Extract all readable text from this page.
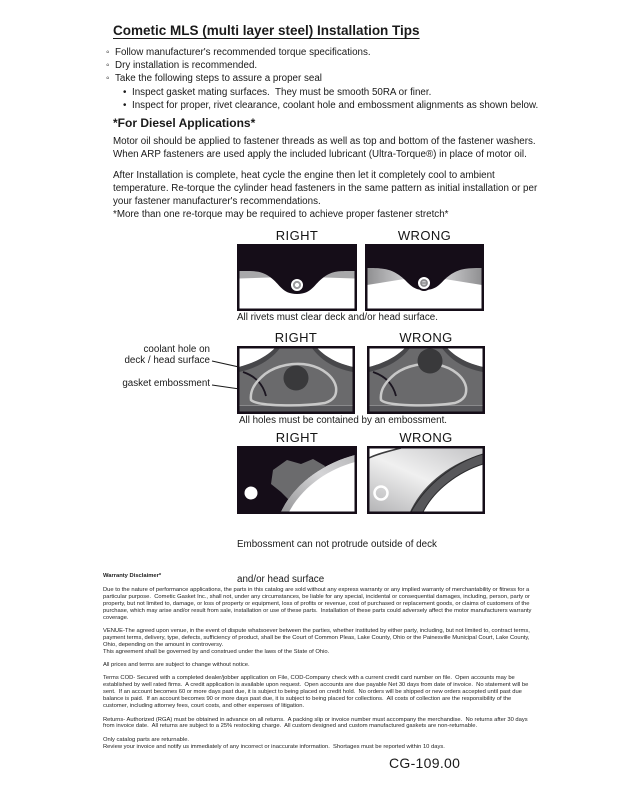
Cometic MLS (multi layer steel) Installation Tips
◦ Follow manufacturer's recommended torque specifications.
◦ Dry installation is recommended.
◦ Take the following steps to assure a proper seal
• Inspect gasket mating surfaces.  They must be smooth 50RA or finer.
• Inspect for proper, rivet clearance, coolant hole and embossment alignments as shown below.
*For Diesel Applications*

Motor oil should be applied to fastener threads as well as top and bottom of the fastener washers. When ARP fasteners are used apply the included lubricant (Ultra-Torque®) in place of motor oil.

After Installation is complete, heat cycle the engine then let it completely cool to ambient temperature. Re-torque the cylinder head fasteners in the same pattern as initial installation or per your fastener manufacturer's recommendations.

*More than one re-torque may be required to achieve proper fastener stretch*

RIGHT	WRONG
All rivets must clear deck and/or head surface.
RIGHT	WRONG
coolant hole on
deck / head surface
gasket embossment
All holes must be contained by an embossment.
RIGHT	WRONG

Embossment can not protrude outside of deck

and/or head surface

Warranty Disclaimer*

Due to the nature of performance applications, the parts in this catalog are sold without any express warranty or any implied warranty of merchantability or fitness for a particular purpose.  Cometic Gasket Inc., shall not, under any circumstances, be liable for any special, incidental or consequential damages, including, person, party or property, but not limited to, damage, or loss of property or equipment, loss of profits or revenue, cost of purchased or replacement goods, or claims of customers of the purchase, which may arise and/or result from sale, installation or use of these parts.  Installation of these parts could adversely affect the motor manufacturers warranty coverage.

VENUE-The agreed upon venue, in the event of dispute whatsoever between the parties, whether instituted by either party, including, but not limited to, contract terms, payment terms, delivery, type, defects, sufficiency of product, shall be the Court of Common Pleas, Lake County, Ohio or the Painesville Municipal Court, Lake County, Ohio, depending on the amount in controversy.

This agreement shall be governed by and construed under the laws of the State of Ohio.

All prices and terms are subject to change without notice.

Terms COD- Secured with a completed dealer/jobber application on File, COD-Company check with a current credit card number on file.  Open accounts may be established by well rated firms.  A credit application is available upon request.  Open accounts are due payable Net 30 days from date of invoice.  No statement will be sent.  If an account becomes 60 or more days past due, it is subject to being placed on credit hold.  No orders will be shipped or new orders accepted until past due balance is paid.  If an account becomes 90 or more days past due, it is subject to being placed for collections.  All costs of collection are the responsibility of the customer, including attorney fees, court costs, and other expenses of litigation.

Returns- Authorized (RGA) must be obtained in advance on all returns.  A packing slip or invoice number must accompany the merchandise.  No returns after 30 days from invoice date.  All returns are subject to a 25% restocking charge.  All custom designed and custom manufactured gaskets are non-returnable.

Only catalog parts are returnable.

Review your invoice and notify us immediately of any incorrect or inaccurate information.  Shortages must be reported within 10 days.

CG-109.00
